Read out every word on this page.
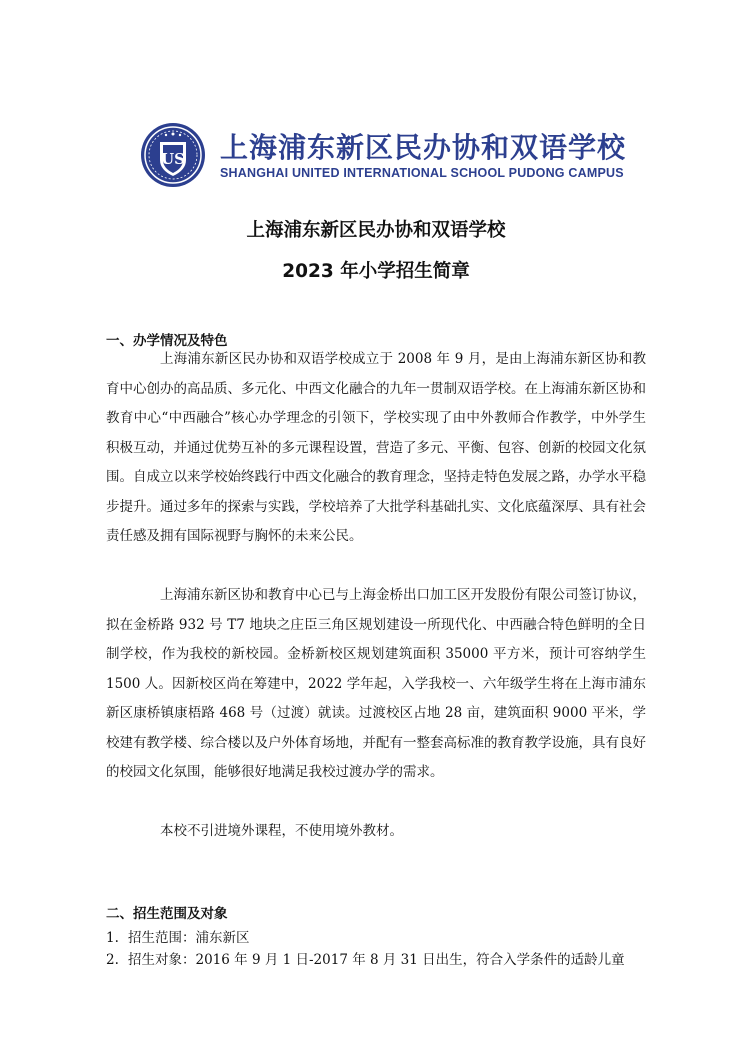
US 上海浦东新区民办协和双语学校
SHANGHAI UNITED INTERNATIONAL SCHOOL PUDONG CAMPUS
上海浦东新区民办协和双语学校
2023 年小学招生简章
一、办学情况及特色

上海浦东新区民办协和双语学校成立于 2008 年 9 月，是由上海浦东新区协和教育中心创办的高品质、多元化、中西文化融合的九年一贯制双语学校。在上海浦东新区协和教育中心“中西融合”核心办学理念的引领下，学校实现了由中外教师合作教学，中外学生积极互动，并通过优势互补的多元课程设置，营造了多元、平衡、包容、创新的校园文化氛围。自成立以来学校始终践行中西文化融合的教育理念，坚持走特色发展之路，办学水平稳步提升。通过多年的探索与实践，学校培养了大批学科基础扎实、文化底蕴深厚、具有社会责任感及拥有国际视野与胸怀的未来公民。

上海浦东新区协和教育中心已与上海金桥出口加工区开发股份有限公司签订协议，拟在金桥路 932 号 T7 地块之庄臣三角区规划建设一所现代化、中西融合特色鲜明的全日制学校，作为我校的新校园。金桥新校区规划建筑面积 35000 平方米，预计可容纳学生 1500 人。因新校区尚在筹建中，2022 学年起，入学我校一、六年级学生将在上海市浦东新区康桥镇康梧路 468 号（过渡）就读。过渡校区占地 28 亩，建筑面积 9000 平米，学校建有教学楼、综合楼以及户外体育场地，并配有一整套高标准的教育教学设施，具有良好的校园文化氛围，能够很好地满足我校过渡办学的需求。

本校不引进境外课程，不使用境外教材。

二、招生范围及对象
1. 招生范围：浦东新区
2. 招生对象：2016 年 9 月 1 日-2017 年 8 月 31 日出生，符合入学条件的适龄儿童
